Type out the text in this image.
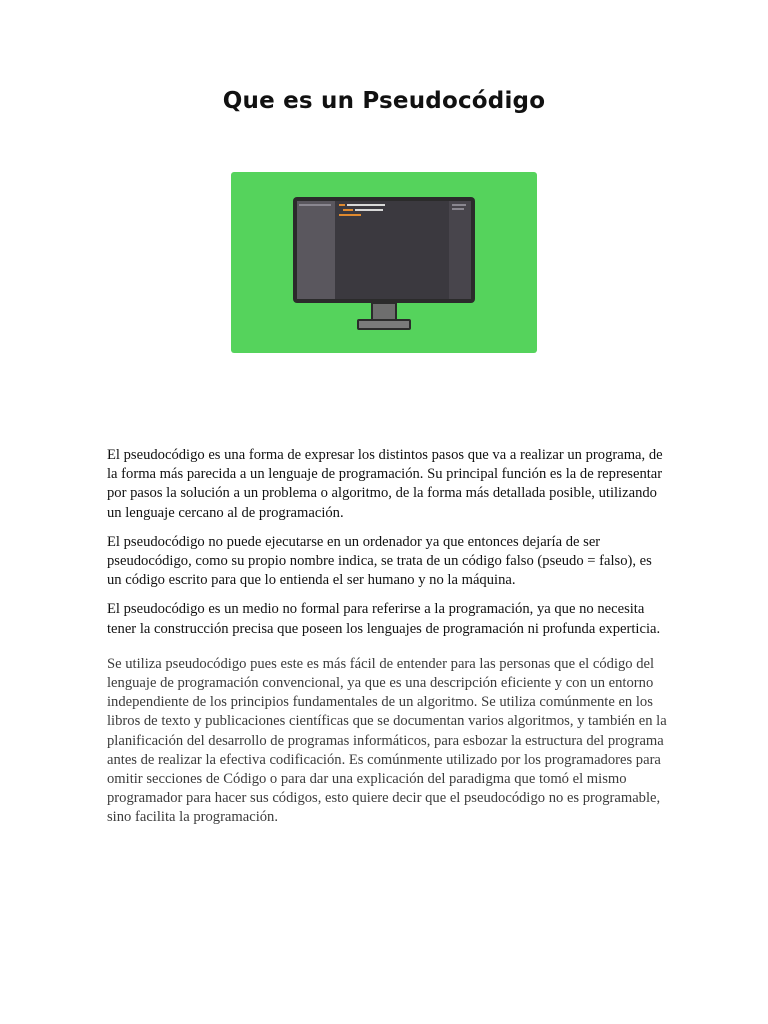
Que es un Pseudocódigo

El pseudocódigo es una forma de expresar los distintos pasos que va a realizar un programa, de la forma más parecida a un lenguaje de programación. Su principal función es la de representar por pasos la solución a un problema o algoritmo, de la forma más detallada posible, utilizando un lenguaje cercano al de programación.

El pseudocódigo no puede ejecutarse en un ordenador ya que entonces dejaría de ser pseudocódigo, como su propio nombre indica, se trata de un código falso (pseudo = falso), es un código escrito para que lo entienda el ser humano y no la máquina.

El pseudocódigo es un medio no formal para referirse a la programación, ya que no necesita tener la construcción precisa que poseen los lenguajes de programación ni profunda experticia.

Se utiliza pseudocódigo pues este es más fácil de entender para las personas que el código del lenguaje de programación convencional, ya que es una descripción eficiente y con un entorno independiente de los principios fundamentales de un algoritmo. Se utiliza comúnmente en los libros de texto y publicaciones científicas que se documentan varios algoritmos, y también en la planificación del desarrollo de programas informáticos, para esbozar la estructura del programa antes de realizar la efectiva codificación. Es comúnmente utilizado por los programadores para omitir secciones de Código o para dar una explicación del paradigma que tomó el mismo programador para hacer sus códigos, esto quiere decir que el pseudocódigo no es programable, sino facilita la programación.
